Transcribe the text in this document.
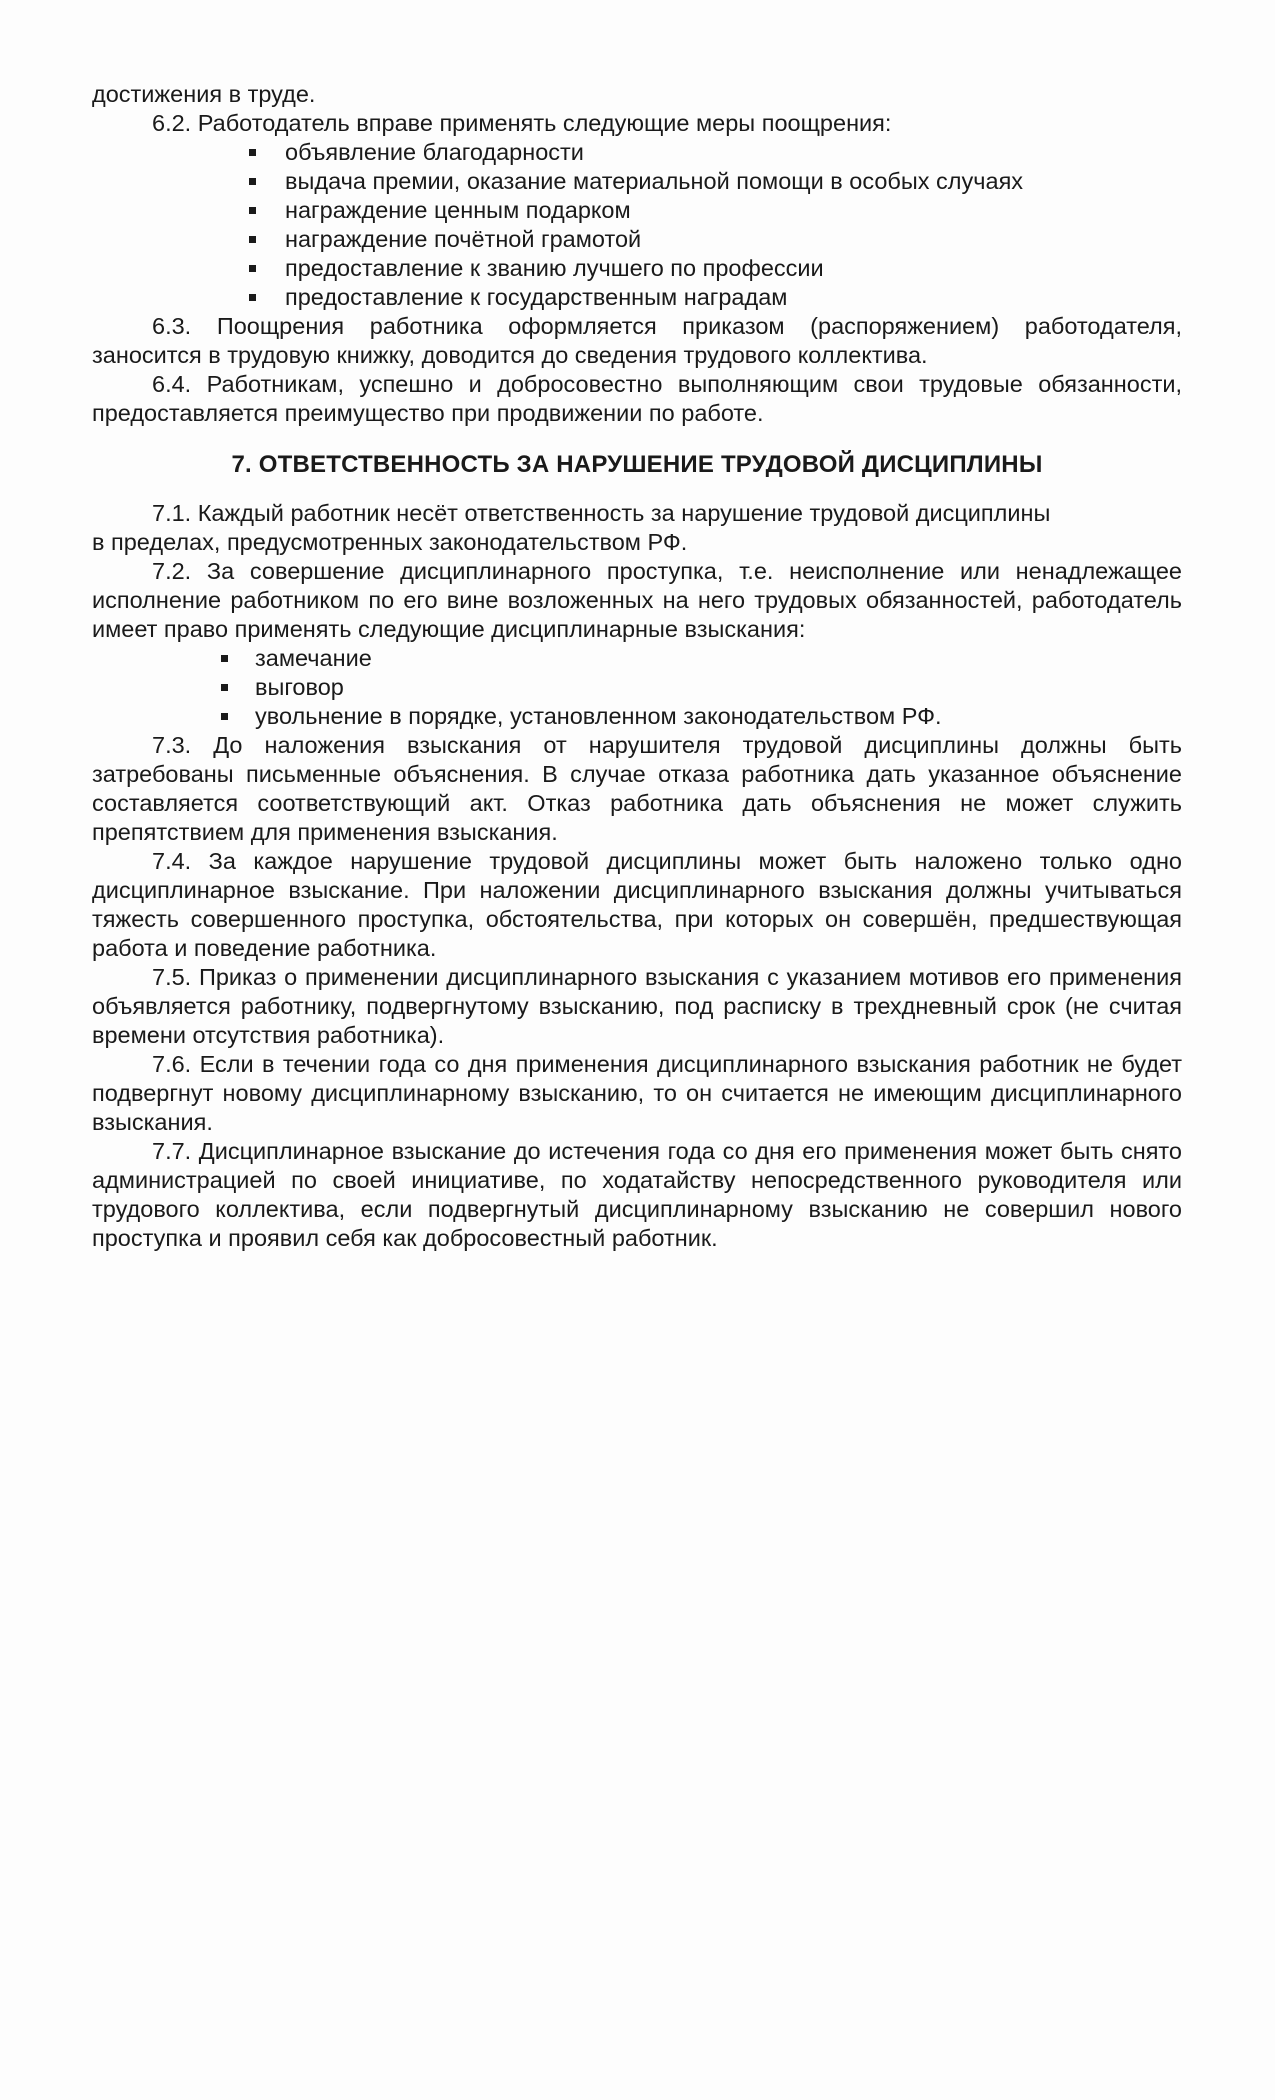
достижения в труде.

6.2. Работодатель вправе применять следующие меры поощрения:

объявление благодарности
выдача премии, оказание материальной помощи в особых случаях
награждение ценным подарком
награждение почётной грамотой
предоставление к званию лучшего по профессии
предоставление к государственным наградам

6.3. Поощрения работника оформляется приказом (распоряжением) работодателя, заносится в трудовую книжку, доводится до сведения трудового коллектива.

6.4. Работникам, успешно и добросовестно выполняющим свои трудовые обязанности, предоставляется преимущество при продвижении по работе.

7. ОТВЕТСТВЕННОСТЬ ЗА НАРУШЕНИЕ ТРУДОВОЙ ДИСЦИПЛИНЫ

7.1. Каждый работник несёт ответственность за нарушение трудовой дисциплины

в пределах, предусмотренных законодательством РФ.

7.2. За совершение дисциплинарного проступка, т.е. неисполнение или ненадлежащее исполнение работником по его вине возложенных на него трудовых обязанностей, работодатель имеет право применять следующие дисциплинарные взыскания:

замечание
выговор
увольнение в порядке, установленном законодательством РФ.

7.3. До наложения взыскания от нарушителя трудовой дисциплины должны быть затребованы письменные объяснения. В случае отказа работника дать указанное объяснение составляется соответствующий акт. Отказ работника дать объяснения не может служить препятствием для применения взыскания.

7.4. За каждое нарушение трудовой дисциплины может быть наложено только одно дисциплинарное взыскание. При наложении дисциплинарного взыскания должны учитываться тяжесть совершенного проступка, обстоятельства, при которых он совершён, предшествующая работа и поведение работника.

7.5. Приказ о применении дисциплинарного взыскания с указанием мотивов его применения объявляется работнику, подвергнутому взысканию, под расписку в трехдневный срок (не считая времени отсутствия работника).

7.6. Если в течении года со дня применения дисциплинарного взыскания работник не будет подвергнут новому дисциплинарному взысканию, то он считается не имеющим дисциплинарного взыскания.

7.7. Дисциплинарное взыскание до истечения года со дня его применения может быть снято администрацией по своей инициативе, по ходатайству непосредственного руководителя или трудового коллектива, если подвергнутый дисциплинарному взысканию не совершил нового проступка и проявил себя как добросовестный работник.
